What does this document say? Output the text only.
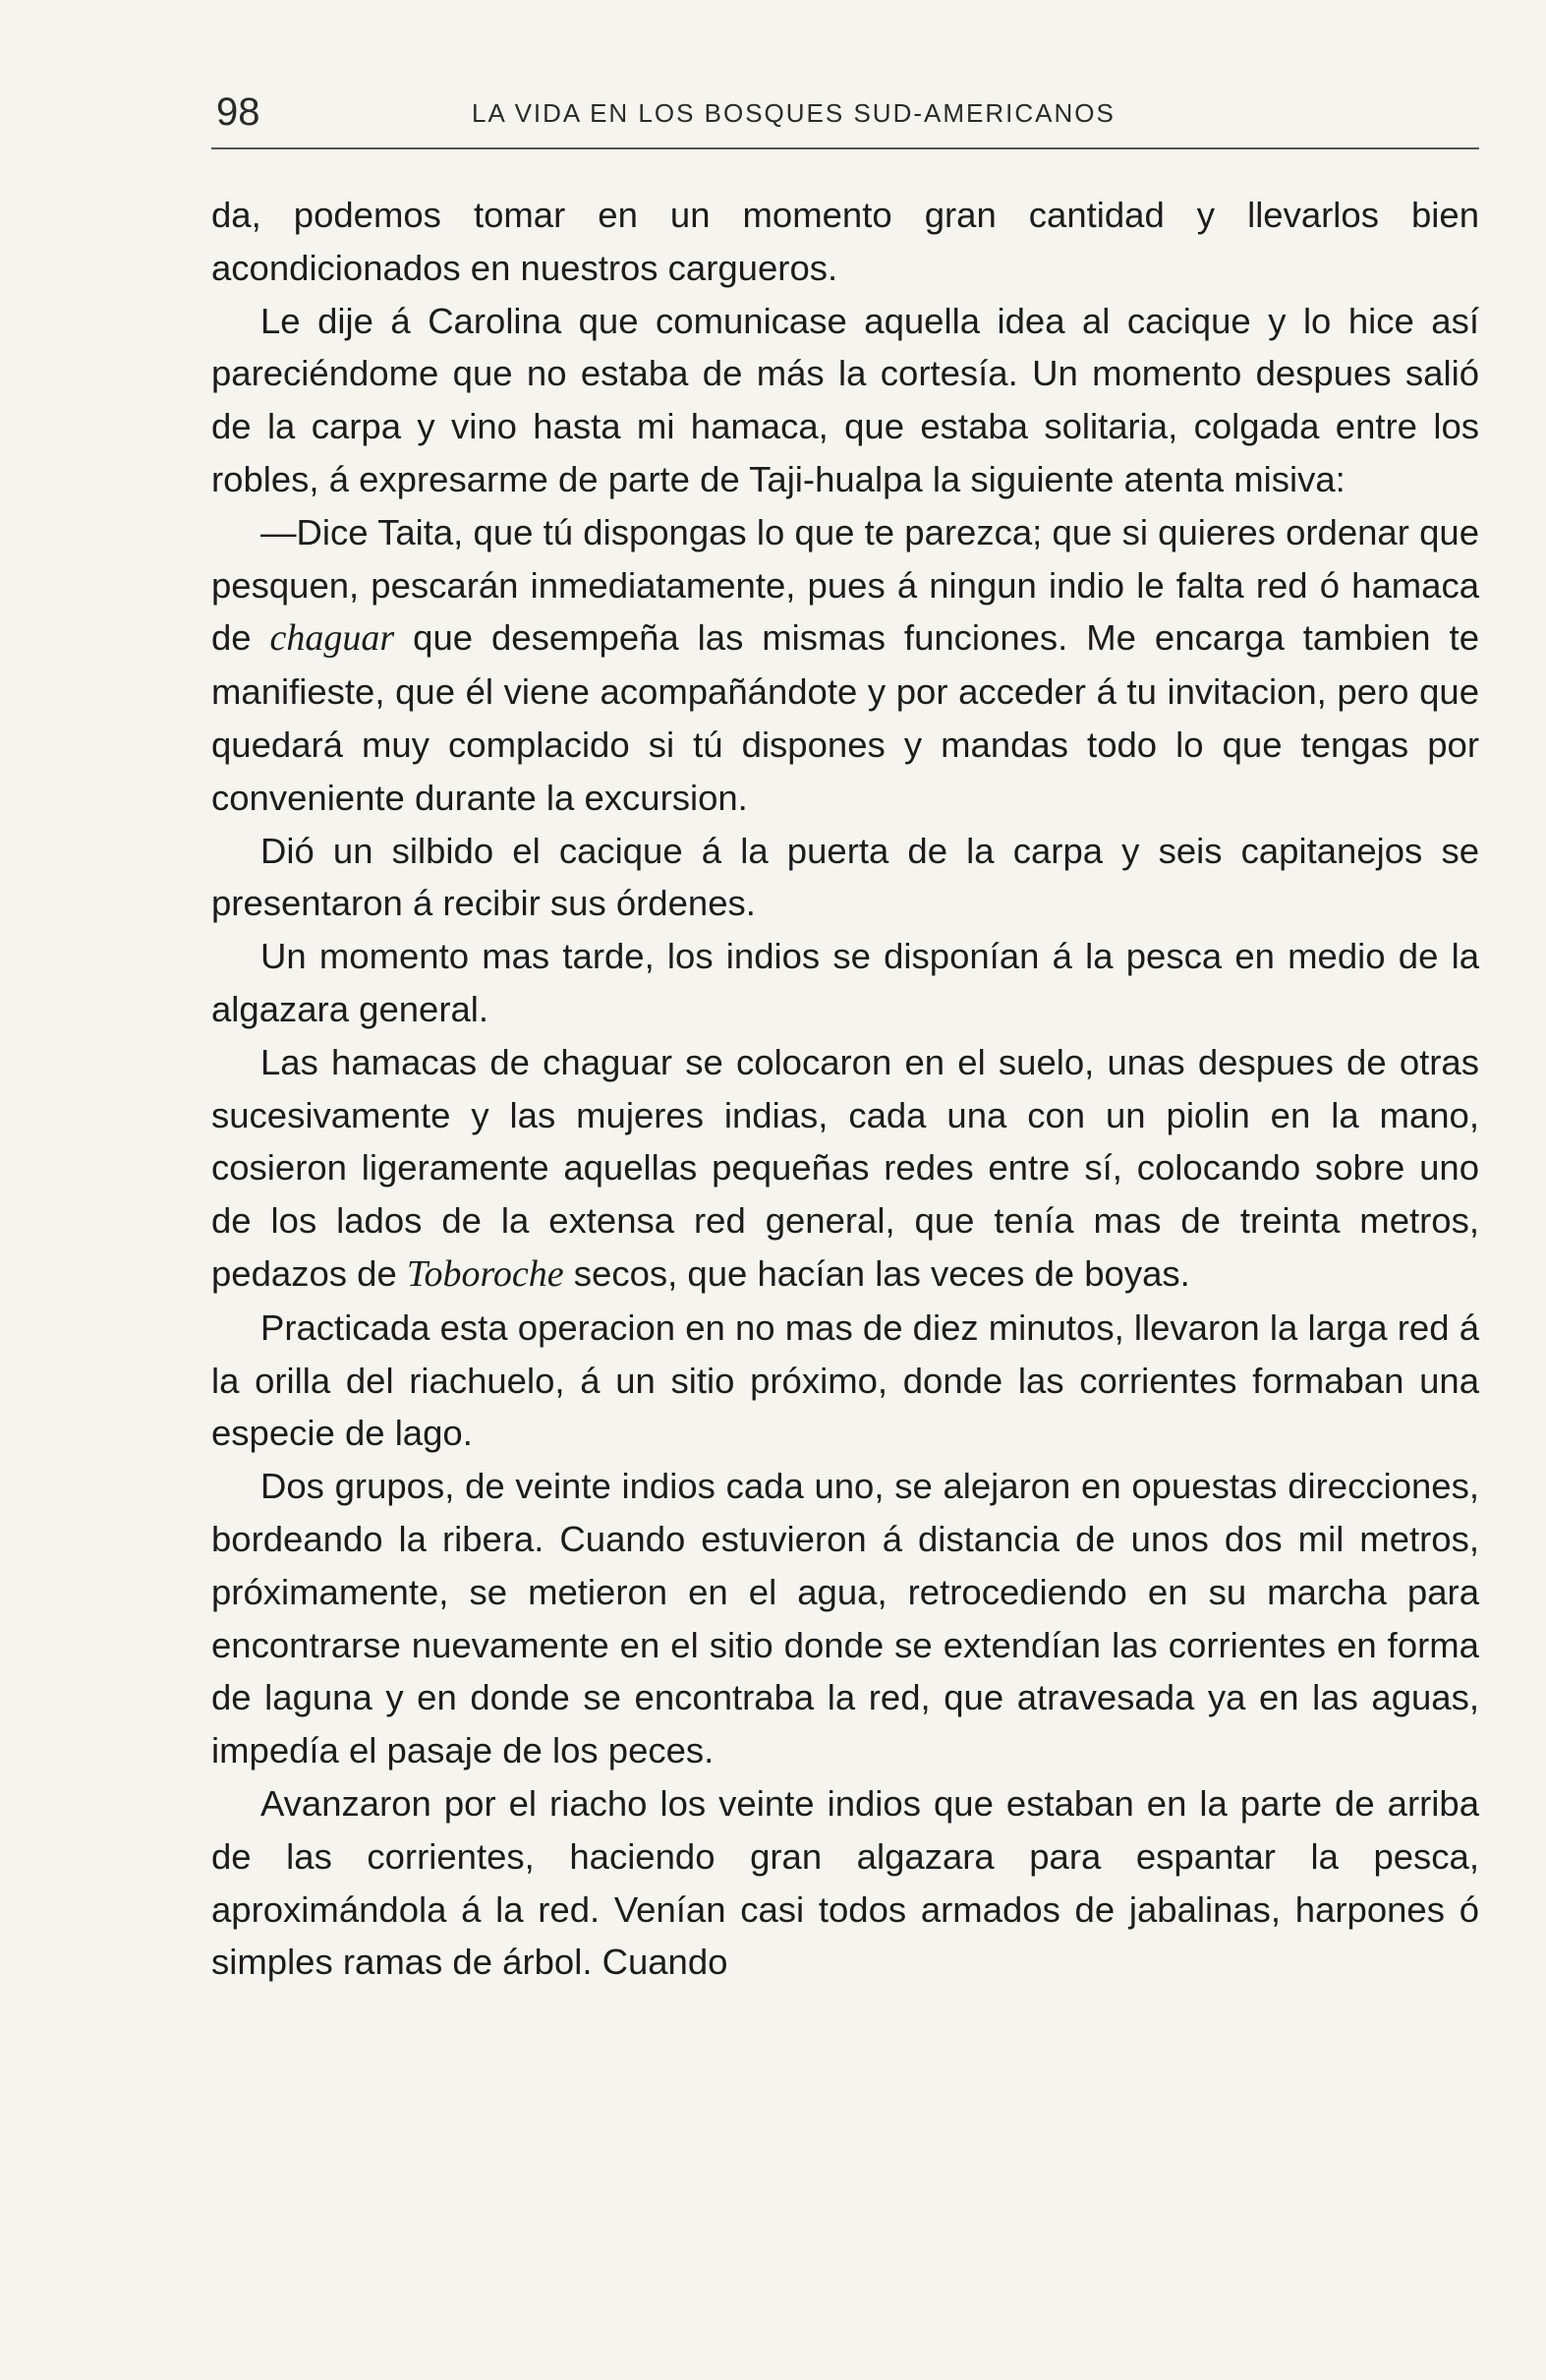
98	LA VIDA EN LOS BOSQUES SUD-AMERICANOS

da, podemos tomar en un momento gran cantidad y llevarlos bien acondicionados en nuestros cargueros.

Le dije á Carolina que comunicase aquella idea al cacique y lo hice así pareciéndome que no estaba de más la cortesía. Un momento despues salió de la carpa y vino hasta mi hamaca, que estaba solitaria, colgada entre los robles, á expresarme de parte de Taji-hualpa la siguiente atenta misiva:

—Dice Taita, que tú dispongas lo que te parezca; que si quieres ordenar que pesquen, pescarán inmediatamente, pues á ningun indio le falta red ó hamaca de chaguar que desempeña las mismas funciones. Me encarga tambien te manifieste, que él viene acompañándote y por acceder á tu invitacion, pero que quedará muy complacido si tú dispones y mandas todo lo que tengas por conveniente durante la excursion.

Dió un silbido el cacique á la puerta de la carpa y seis capitanejos se presentaron á recibir sus órdenes.

Un momento mas tarde, los indios se disponían á la pesca en medio de la algazara general.

Las hamacas de chaguar se colocaron en el suelo, unas despues de otras sucesivamente y las mujeres indias, cada una con un piolin en la mano, cosieron ligeramente aquellas pequeñas redes entre sí, colocando sobre uno de los lados de la extensa red general, que tenía mas de treinta metros, pedazos de Toboroche secos, que hacían las veces de boyas.

Practicada esta operacion en no mas de diez minutos, llevaron la larga red á la orilla del riachuelo, á un sitio próximo, donde las corrientes formaban una especie de lago.

Dos grupos, de veinte indios cada uno, se alejaron en opuestas direcciones, bordeando la ribera. Cuando estuvieron á distancia de unos dos mil metros, próximamente, se metieron en el agua, retrocediendo en su marcha para encontrarse nuevamente en el sitio donde se extendían las corrientes en forma de laguna y en donde se encontraba la red, que atravesada ya en las aguas, impedía el pasaje de los peces.

Avanzaron por el riacho los veinte indios que estaban en la parte de arriba de las corrientes, haciendo gran algazara para espantar la pesca, aproximándola á la red. Venían casi todos armados de jabalinas, harpones ó simples ramas de árbol. Cuando
